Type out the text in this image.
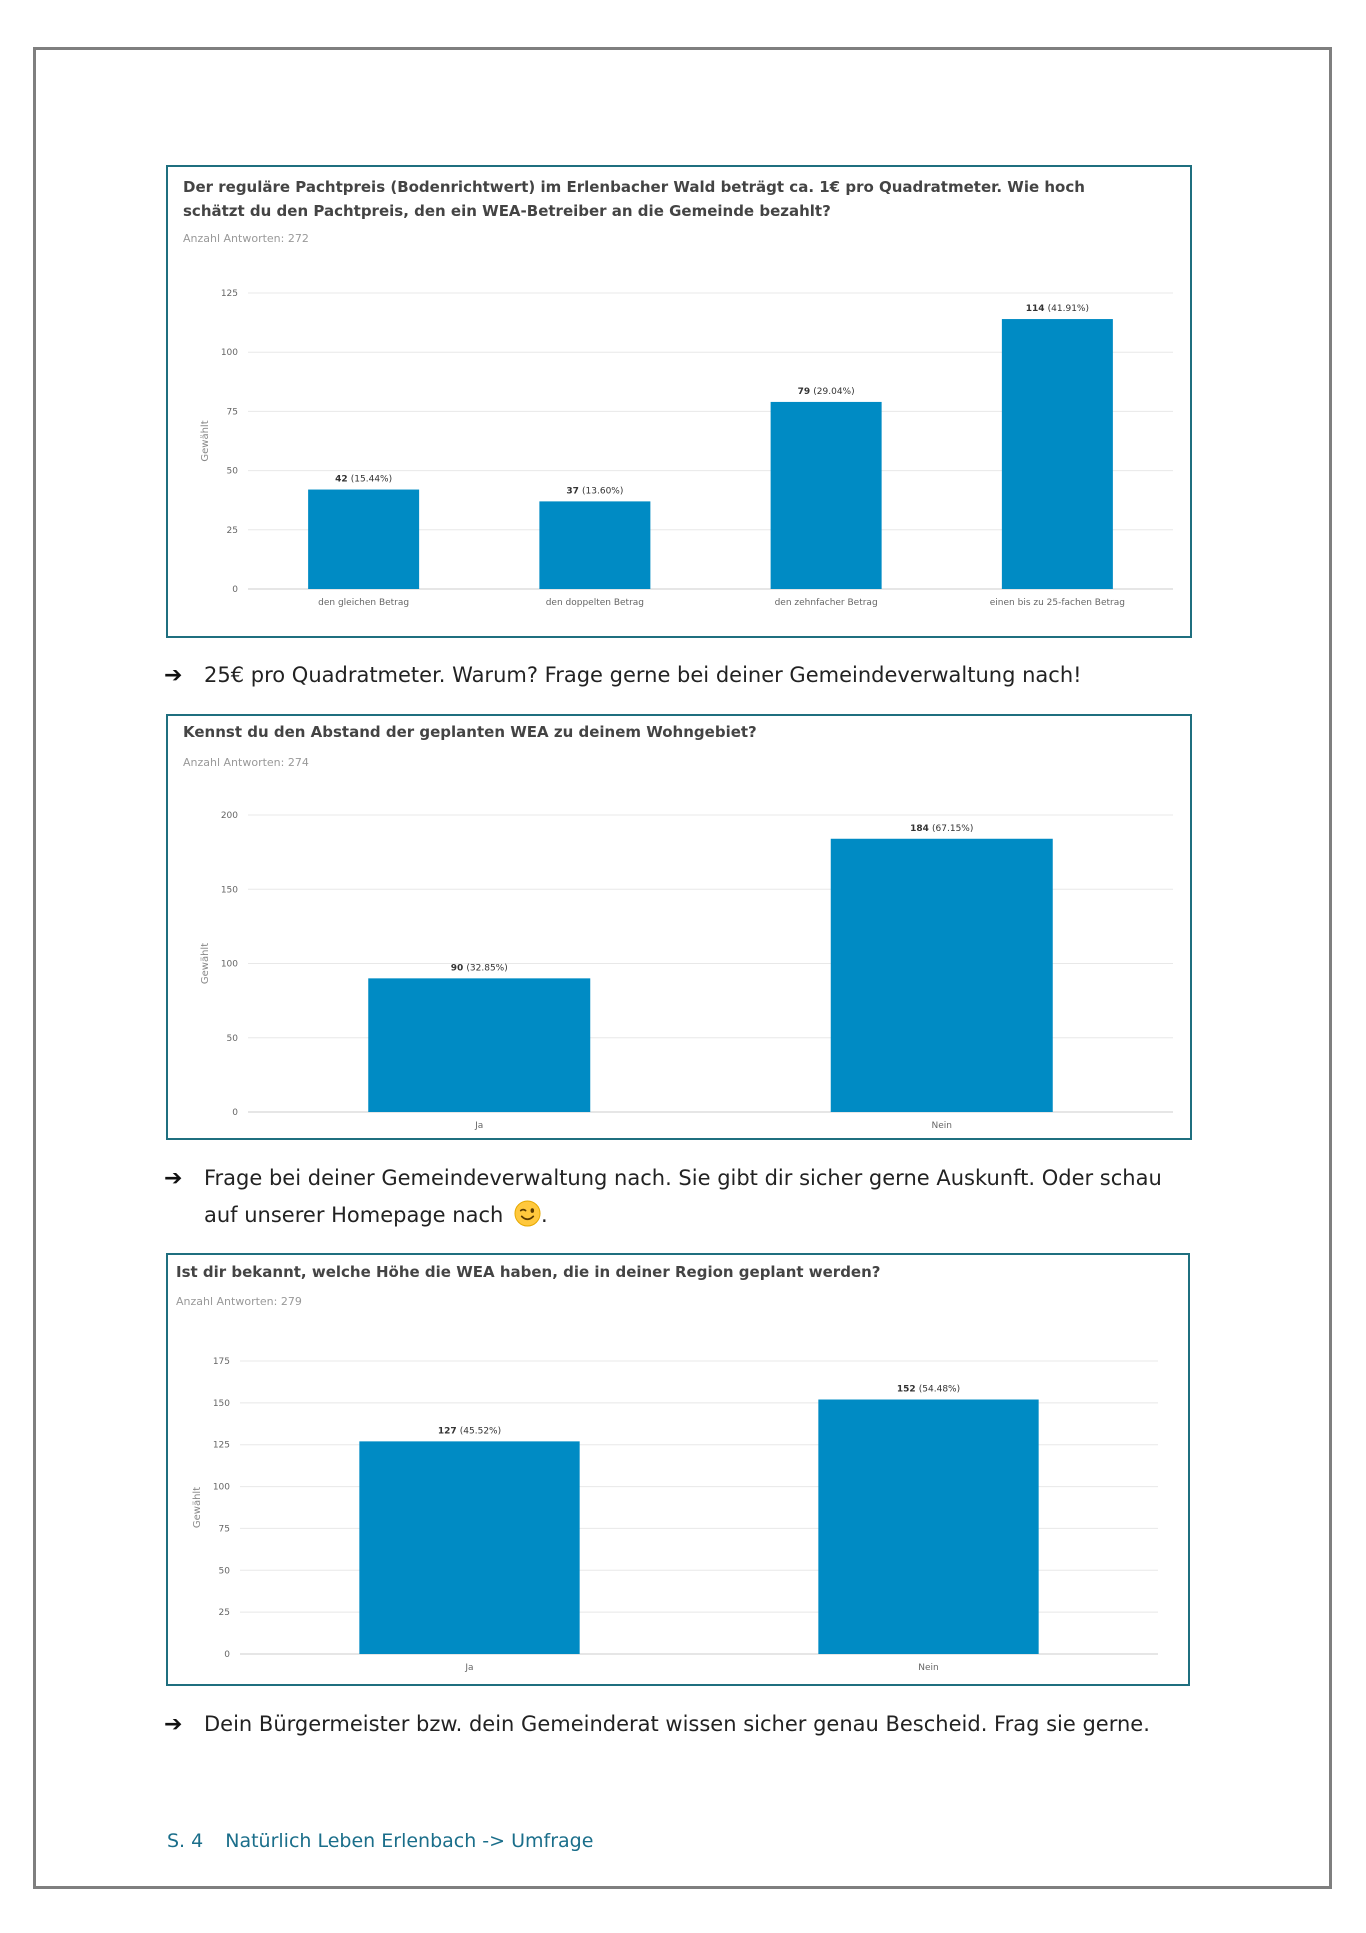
Der reguläre Pachtpreis (Bodenrichtwert) im Erlenbacher Wald beträgt ca. 1€ pro Quadratmeter. Wie hoch schätzt du den Pachtpreis, den ein WEA-Betreiber an die Gemeinde bezahlt?
Anzahl Antworten: 272
0
25
50
75
100
125
Gewählt
42 (15.44%)
den gleichen Betrag
37 (13.60%)
den doppelten Betrag
79 (29.04%)
den zehnfacher Betrag
114 (41.91%)
einen bis zu 25-fachen Betrag
➔ 25€ pro Quadratmeter. Warum? Frage gerne bei deiner Gemeindeverwaltung nach!
Kennst du den Abstand der geplanten WEA zu deinem Wohngebiet?
Anzahl Antworten: 274
0
50
100
150
200
Gewählt	90 (32.85%)
Ja
184 (67.15%)
Nein
➔ Frage bei deiner Gemeindeverwaltung nach. Sie gibt dir sicher gerne Auskunft. Oder schau auf unserer Homepage nach .
Ist dir bekannt, welche Höhe die WEA haben, die in deiner Region geplant werden?
Anzahl Antworten: 279
0
25
50
75
100
125
150
175
Gewählt
127 (45.52%)
Ja
152 (54.48%)
Nein
➔ Dein Bürgermeister bzw. dein Gemeinderat wissen sicher genau Bescheid. Frag sie gerne.
S. 4 Natürlich Leben Erlenbach -> Umfrage
